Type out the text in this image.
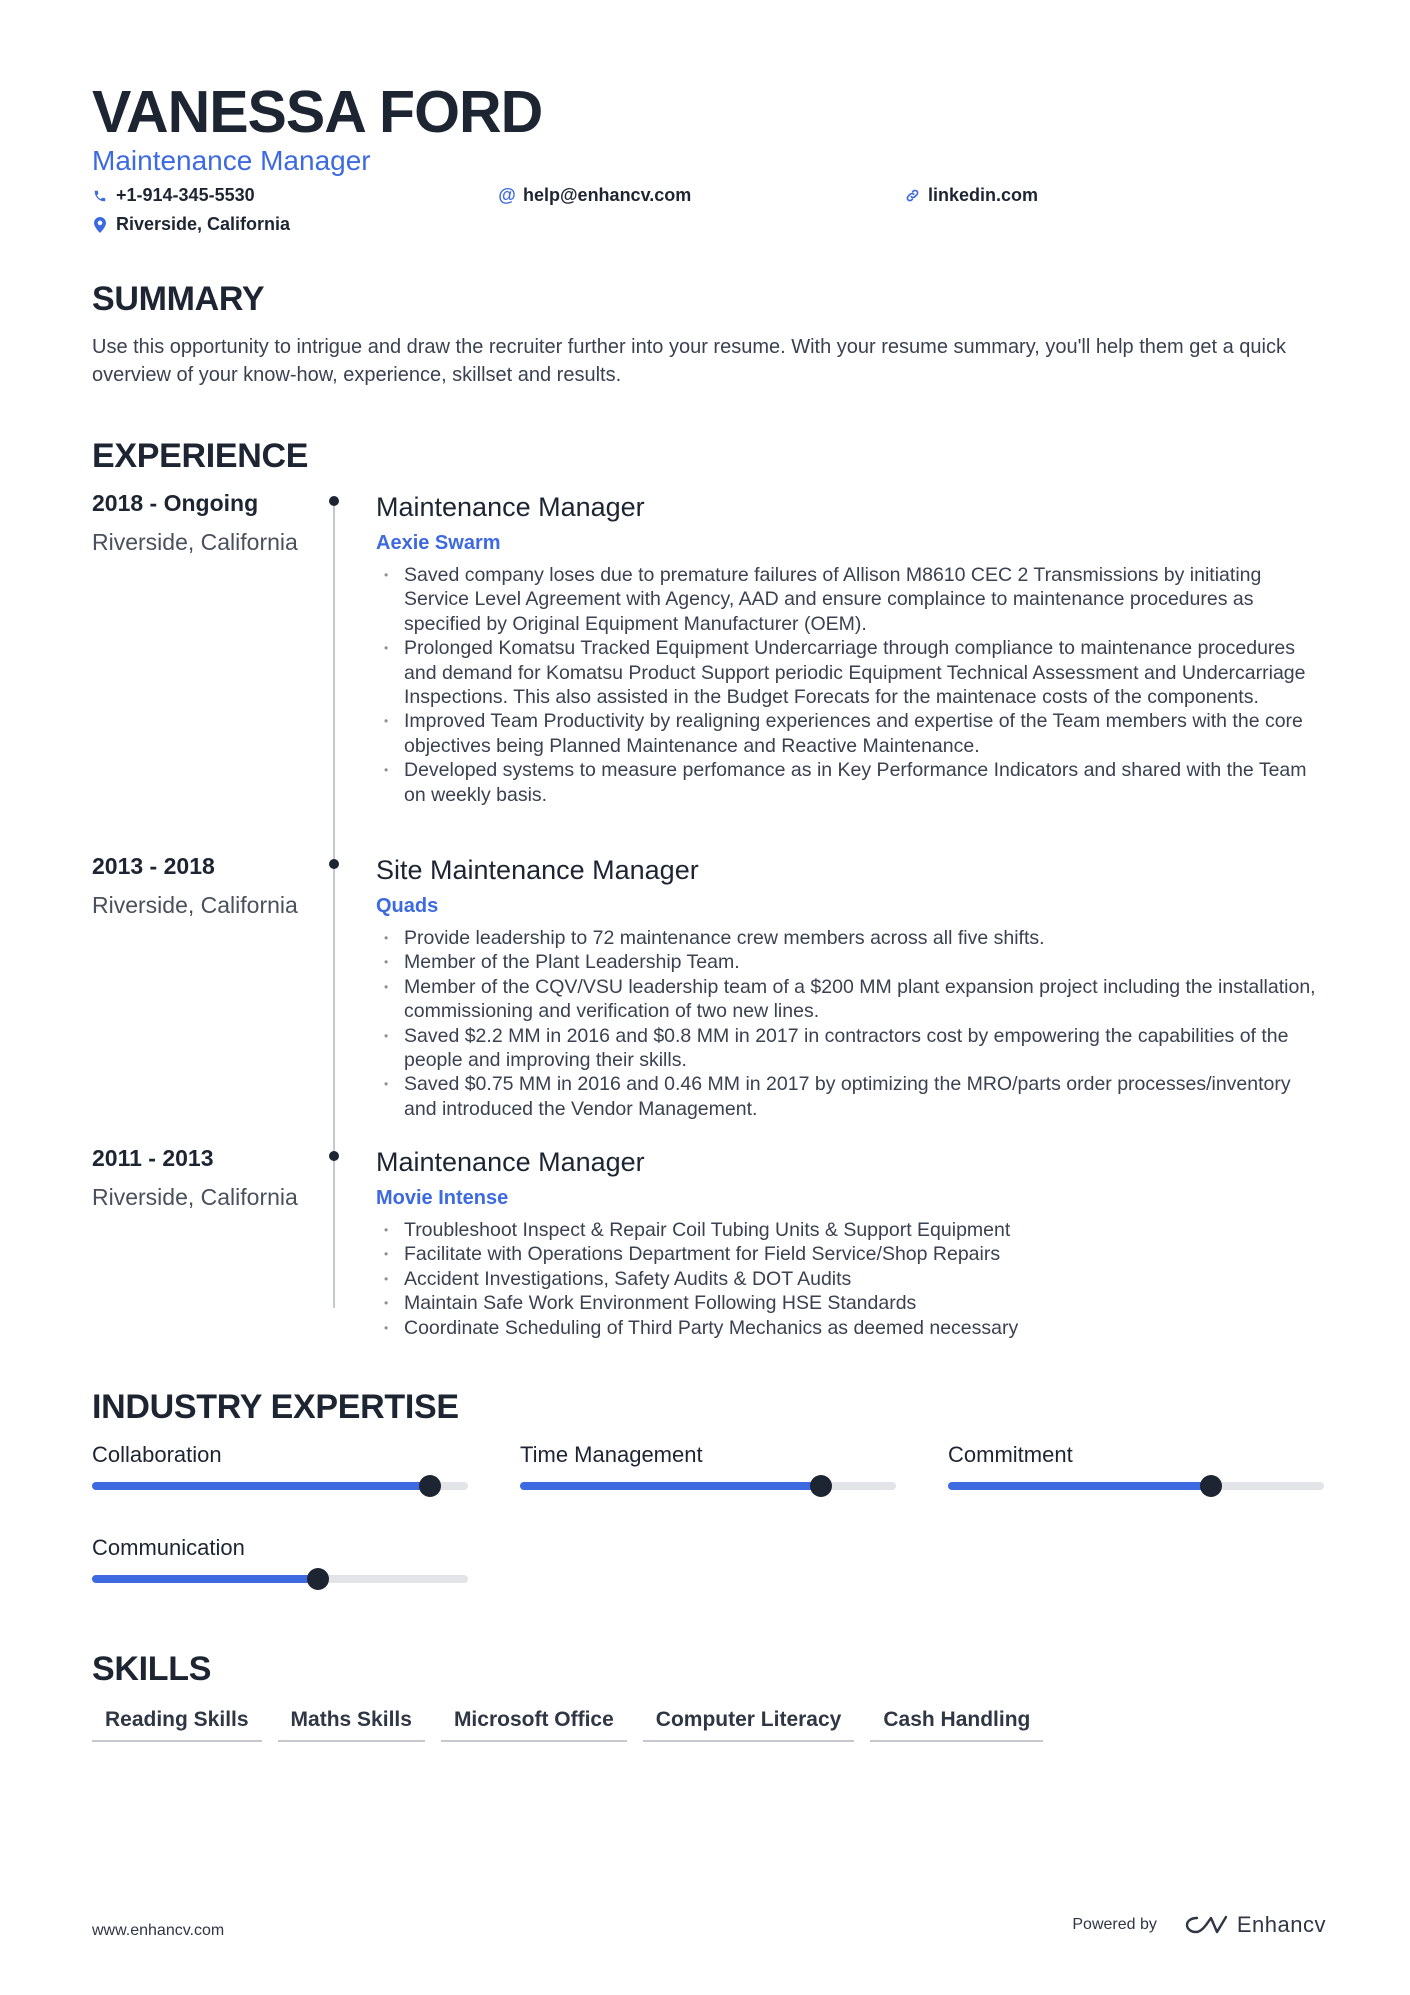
VANESSA FORD
Maintenance Manager
+1-914-345-5530	@ help@enhancv.com	linkedin.com
Riverside, California
SUMMARY
Use this opportunity to intrigue and draw the recruiter further into your resume. With your resume summary, you'll help them get a quick overview of your know-how, experience, skillset and results.
EXPERIENCE
2018 - Ongoing
Riverside, California
Maintenance Manager
Aexie Swarm
• Saved company loses due to premature failures of Allison M8610 CEC 2 Transmissions by initiating Service Level Agreement with Agency, AAD and ensure complaince to maintenance procedures as specified by Original Equipment Manufacturer (OEM).
• Prolonged Komatsu Tracked Equipment Undercarriage through compliance to maintenance procedures and demand for Komatsu Product Support periodic Equipment Technical Assessment and Undercarriage Inspections. This also assisted in the Budget Forecats for the maintenace costs of the components.
• Improved Team Productivity by realigning experiences and expertise of the Team members with the core objectives being Planned Maintenance and Reactive Maintenance.
• Developed systems to measure perfomance as in Key Performance Indicators and shared with the Team on weekly basis.
2013 - 2018
Riverside, California
Site Maintenance Manager
Quads
• Provide leadership to 72 maintenance crew members across all five shifts.
• Member of the Plant Leadership Team.
• Member of the CQV/VSU leadership team of a $200 MM plant expansion project including the installation, commissioning and verification of two new lines.
• Saved $2.2 MM in 2016 and $0.8 MM in 2017 in contractors cost by empowering the capabilities of the people and improving their skills.
• Saved $0.75 MM in 2016 and 0.46 MM in 2017 by optimizing the MRO/parts order processes/inventory and introduced the Vendor Management.
2011 - 2013
Riverside, California
Maintenance Manager
Movie Intense
• Troubleshoot Inspect & Repair Coil Tubing Units & Support Equipment
• Facilitate with Operations Department for Field Service/Shop Repairs
• Accident Investigations, Safety Audits & DOT Audits
• Maintain Safe Work Environment Following HSE Standards
• Coordinate Scheduling of Third Party Mechanics as deemed necessary
INDUSTRY EXPERTISE
Collaboration	Time Management	Commitment
Communication
SKILLS
Reading Skills	Maths Skills	Microsoft Office	Computer Literacy	Cash Handling
www.enhancv.com	Powered by	Enhancv
